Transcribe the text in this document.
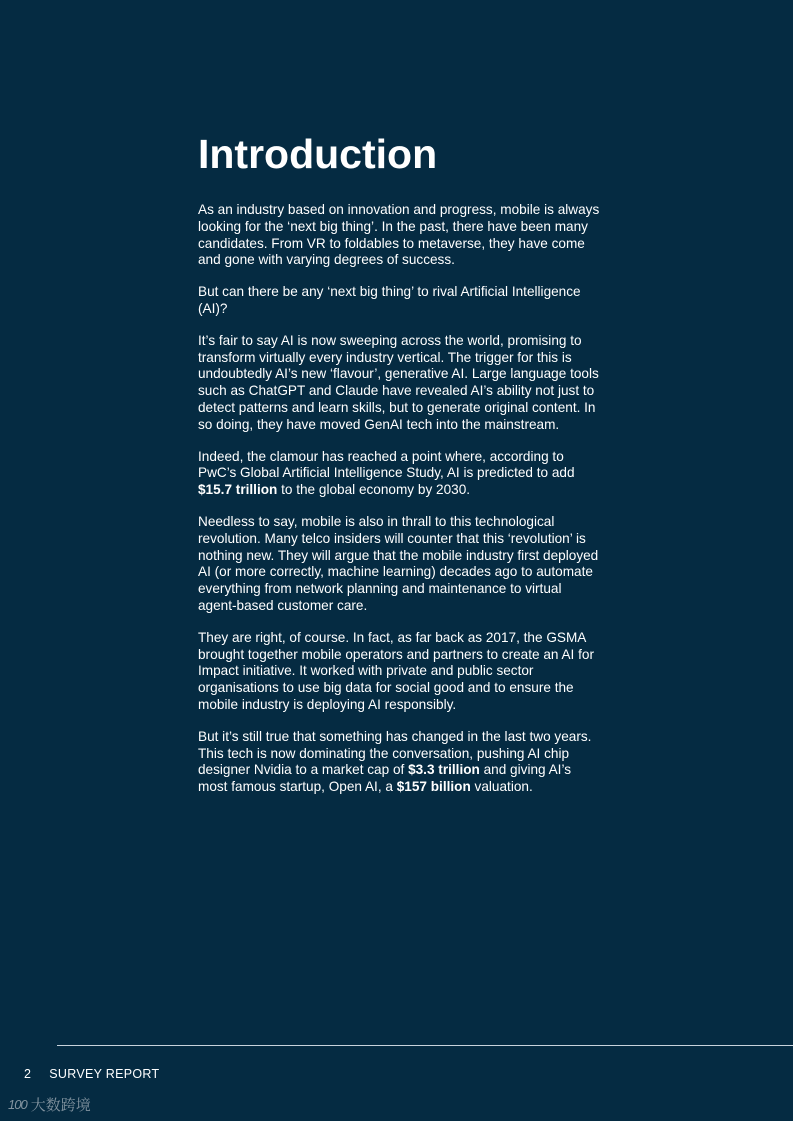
Introduction

As an industry based on innovation and progress, mobile is always looking for the ‘next big thing’. In the past, there have been many candidates. From VR to foldables to metaverse, they have come and gone with varying degrees of success.

But can there be any ‘next big thing’ to rival Artificial Intelligence (AI)?

It’s fair to say AI is now sweeping across the world, promising to transform virtually every industry vertical. The trigger for this is undoubtedly AI’s new ‘flavour’, generative AI. Large language tools such as ChatGPT and Claude have revealed AI’s ability not just to detect patterns and learn skills, but to generate original content. In so doing, they have moved GenAI tech into the mainstream.

Indeed, the clamour has reached a point where, according to PwC’s Global Artificial Intelligence Study, AI is predicted to add $15.7 trillion to the global economy by 2030.

Needless to say, mobile is also in thrall to this technological revolution. Many telco insiders will counter that this ‘revolution’ is nothing new. They will argue that the mobile industry first deployed AI (or more correctly, machine learning) decades ago to automate everything from network planning and maintenance to virtual agent-based customer care.

They are right, of course. In fact, as far back as 2017, the GSMA brought together mobile operators and partners to create an AI for Impact initiative. It worked with private and public sector organisations to use big data for social good and to ensure the mobile industry is deploying AI responsibly.

But it’s still true that something has changed in the last two years. This tech is now dominating the conversation, pushing AI chip designer Nvidia to a market cap of $3.3 trillion and giving AI’s most famous startup, Open AI, a $157 billion valuation.

2 SURVEY REPORT
100 大数跨境
